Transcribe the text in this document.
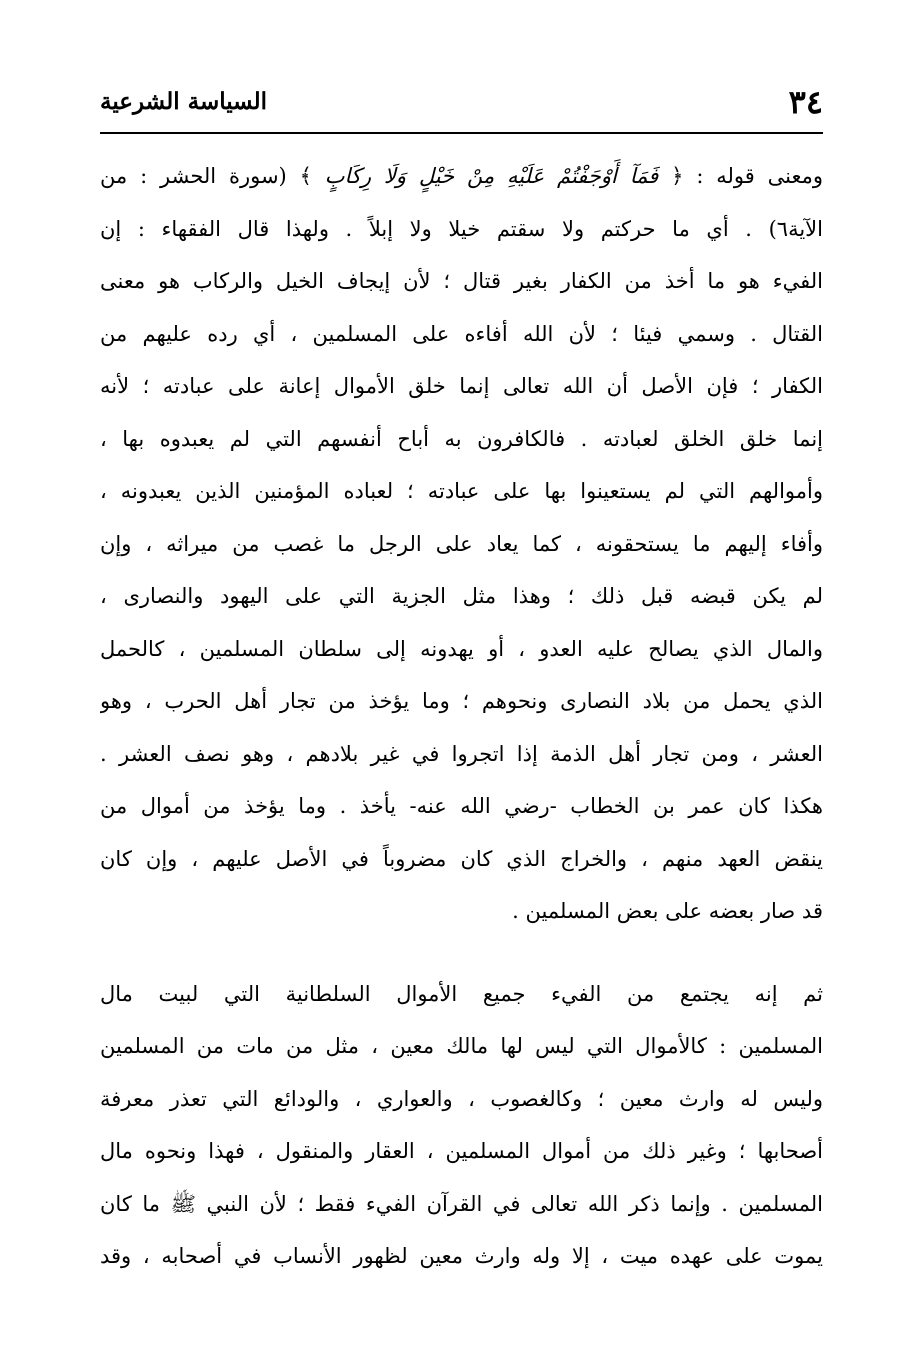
٣٤
السياسة الشرعية
ومعنى قوله : ﴿ فَمَآ أَوْجَفْتُمْ عَلَيْهِ مِنْ خَيْلٍ وَلَا رِكَابٍ ﴾ (سورة الحشر : من
الآية٦) . أي ما حركتم ولا سقتم خيلا ولا إبلاً . ولهذا قال الفقهاء : إن
الفيء هو ما أخذ من الكفار بغير قتال ؛ لأن إيجاف الخيل والركاب هو معنى
القتال . وسمي فيئا ؛ لأن الله أفاءه على المسلمين ، أي رده عليهم من
الكفار ؛ فإن الأصل أن الله تعالى إنما خلق الأموال إعانة على عبادته ؛ لأنه
إنما خلق الخلق لعبادته . فالكافرون به أباح أنفسهم التي لم يعبدوه بها ،
وأموالهم التي لم يستعينوا بها على عبادته ؛ لعباده المؤمنين الذين يعبدونه ،
وأفاء إليهم ما يستحقونه ، كما يعاد على الرجل ما غصب من ميراثه ، وإن
لم يكن قبضه قبل ذلك ؛ وهذا مثل الجزية التي على اليهود والنصارى ،
والمال الذي يصالح عليه العدو ، أو يهدونه إلى سلطان المسلمين ، كالحمل
الذي يحمل من بلاد النصارى ونحوهم ؛ وما يؤخذ من تجار أهل الحرب ، وهو
العشر ، ومن تجار أهل الذمة إذا اتجروا في غير بلادهم ، وهو نصف العشر .
هكذا كان عمر بن الخطاب -رضي الله عنه- يأخذ . وما يؤخذ من أموال من
ينقض العهد منهم ، والخراج الذي كان مضروباً في الأصل عليهم ، وإن كان
قد صار بعضه على بعض المسلمين .
ثم إنه يجتمع من الفيء جميع الأموال السلطانية التي لبيت مال
المسلمين : كالأموال التي ليس لها مالك معين ، مثل من مات من المسلمين
وليس له وارث معين ؛ وكالغصوب ، والعواري ، والودائع التي تعذر معرفة
أصحابها ؛ وغير ذلك من أموال المسلمين ، العقار والمنقول ، فهذا ونحوه مال
المسلمين . وإنما ذكر الله تعالى في القرآن الفيء فقط ؛ لأن النبي ﷺ ما كان
يموت على عهده ميت ، إلا وله وارث معين لظهور الأنساب في أصحابه ، وقد
